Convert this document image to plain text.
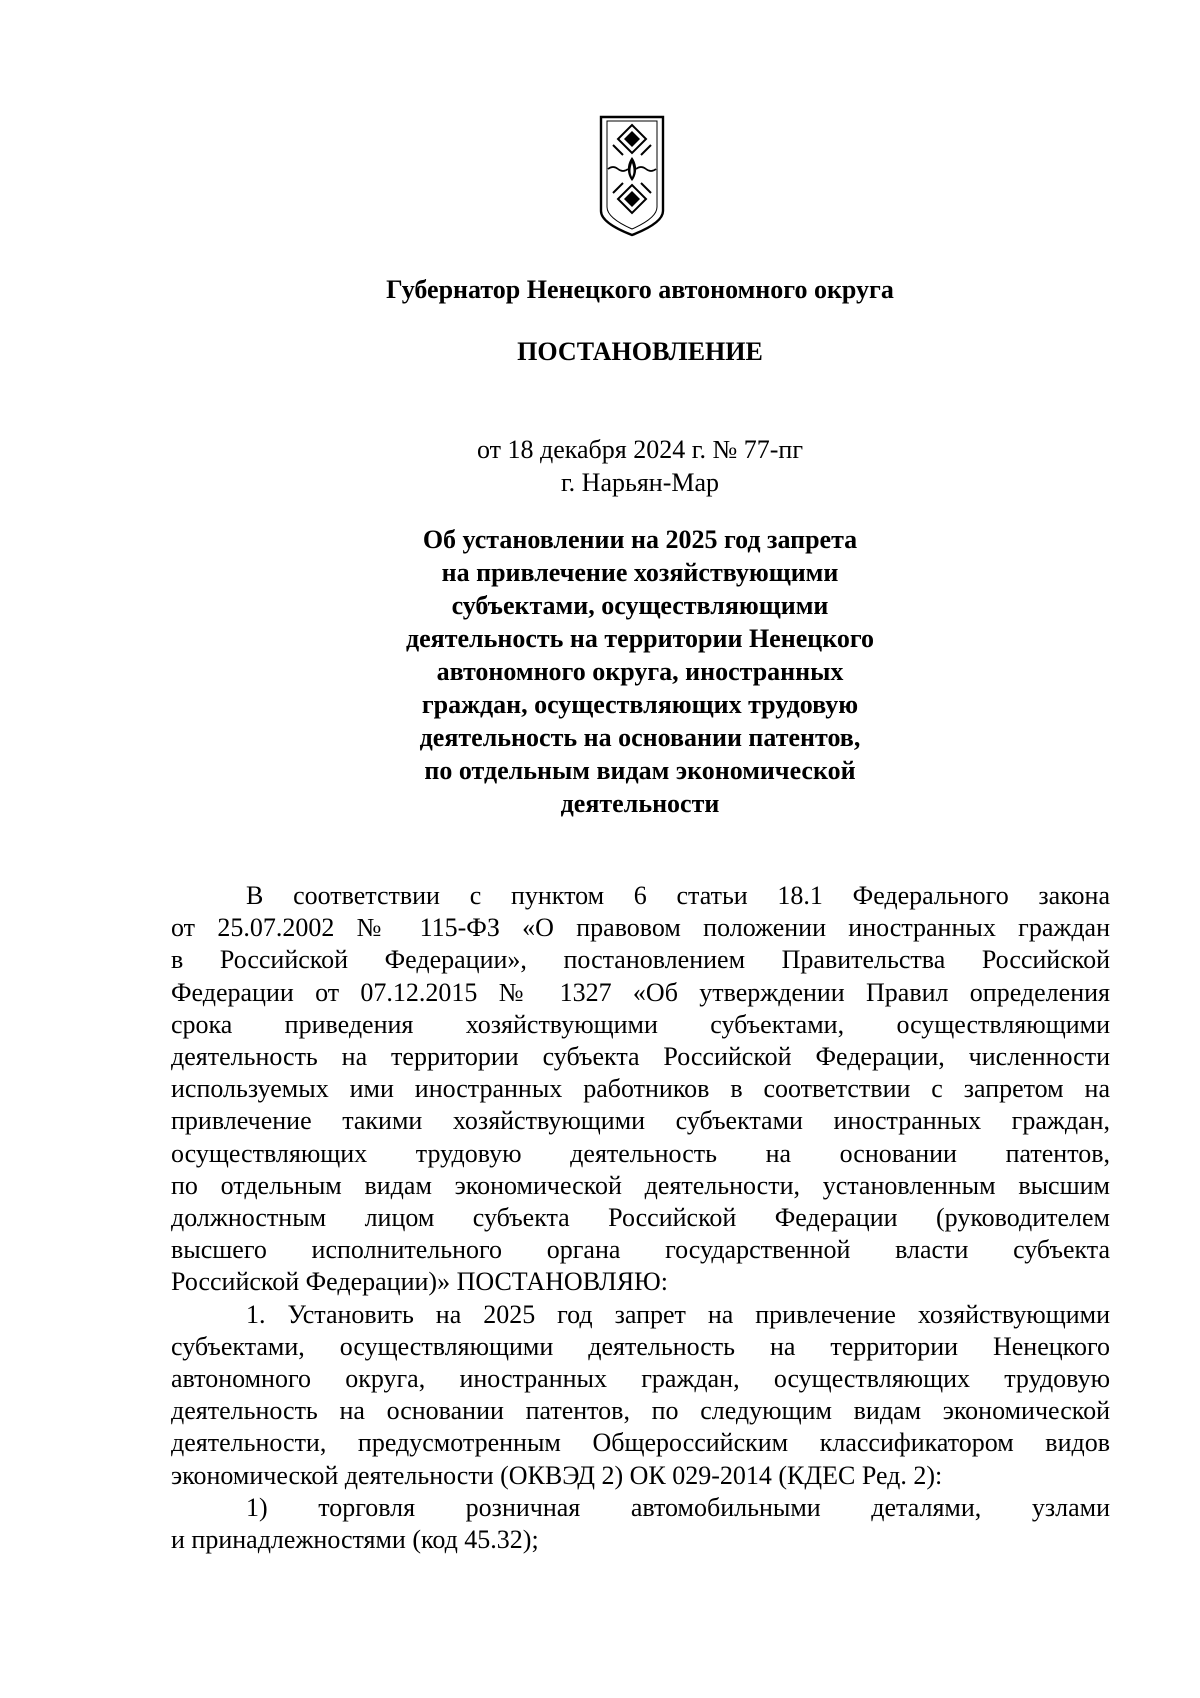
Губернатор Ненецкого автономного округа
ПОСТАНОВЛЕНИЕ
от 18 декабря 2024 г. № 77-пг
г. Нарьян-Мар
Об установлении на 2025 год запрета
на привлечение хозяйствующими
субъектами, осуществляющими
деятельность на территории Ненецкого
автономного округа, иностранных
граждан, осуществляющих трудовую
деятельность на основании патентов,
по отдельным видам экономической
деятельности
В соответствии с пунктом 6 статьи 18.1 Федерального закона
от 25.07.2002 № 115-ФЗ «О правовом положении иностранных граждан
в Российской Федерации», постановлением Правительства Российской
Федерации от 07.12.2015 № 1327 «Об утверждении Правил определения
срока приведения хозяйствующими субъектами, осуществляющими
деятельность на территории субъекта Российской Федерации, численности
используемых ими иностранных работников в соответствии с запретом на
привлечение такими хозяйствующими субъектами иностранных граждан,
осуществляющих трудовую деятельность на основании патентов,
по отдельным видам экономической деятельности, установленным высшим
должностным лицом субъекта Российской Федерации (руководителем
высшего исполнительного органа государственной власти субъекта
Российской Федерации)» ПОСТАНОВЛЯЮ:
1. Установить на 2025 год запрет на привлечение хозяйствующими
субъектами, осуществляющими деятельность на территории Ненецкого
автономного округа, иностранных граждан, осуществляющих трудовую
деятельность на основании патентов, по следующим видам экономической
деятельности, предусмотренным Общероссийским классификатором видов
экономической деятельности (ОКВЭД 2) ОК 029-2014 (КДЕС Ред. 2):
1) торговля розничная автомобильными деталями, узлами
и принадлежностями (код 45.32);
